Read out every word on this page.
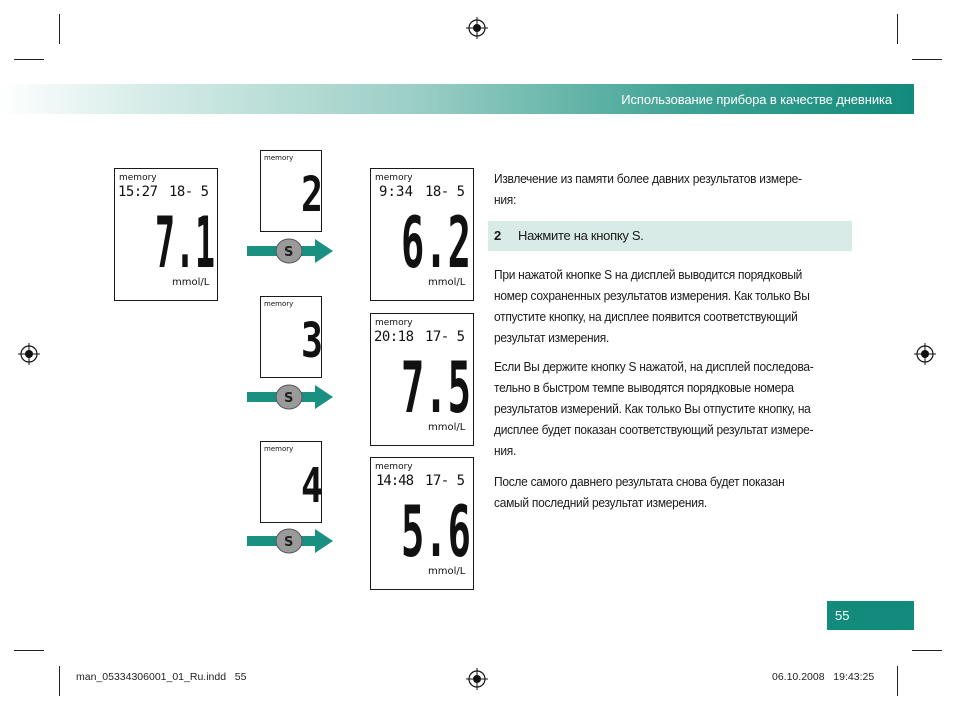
Использование прибора в качестве дневника
memory
15:27 18- 5
7.1
mmol/L
memory
2
S
memory
9:34 18- 5
6.2
mmol/L
memory
3
S
memory
20:18 17- 5
7.5
mmol/L
memory
4
S
memory
14:48 17- 5
5.6
mmol/L
Извлечение из памяти более давних результатов измере-
ния:
2 Нажмите на кнопку S.
При нажатой кнопке S на дисплей выводится порядковый
номер сохраненных результатов измерения. Как только Вы
отпустите кнопку, на дисплее появится соответствующий
результат измерения.
Если Вы держите кнопку S нажатой, на дисплей последова-
тельно в быстром темпе выводятся порядковые номера
результатов измерений. Как только Вы отпустите кнопку, на
дисплее будет показан соответствующий результат измере-
ния.
После самого давнего результата снова будет показан
самый последний результат измерения.
55
man_05334306001_01_Ru.indd   55	06.10.2008   19:43:25
